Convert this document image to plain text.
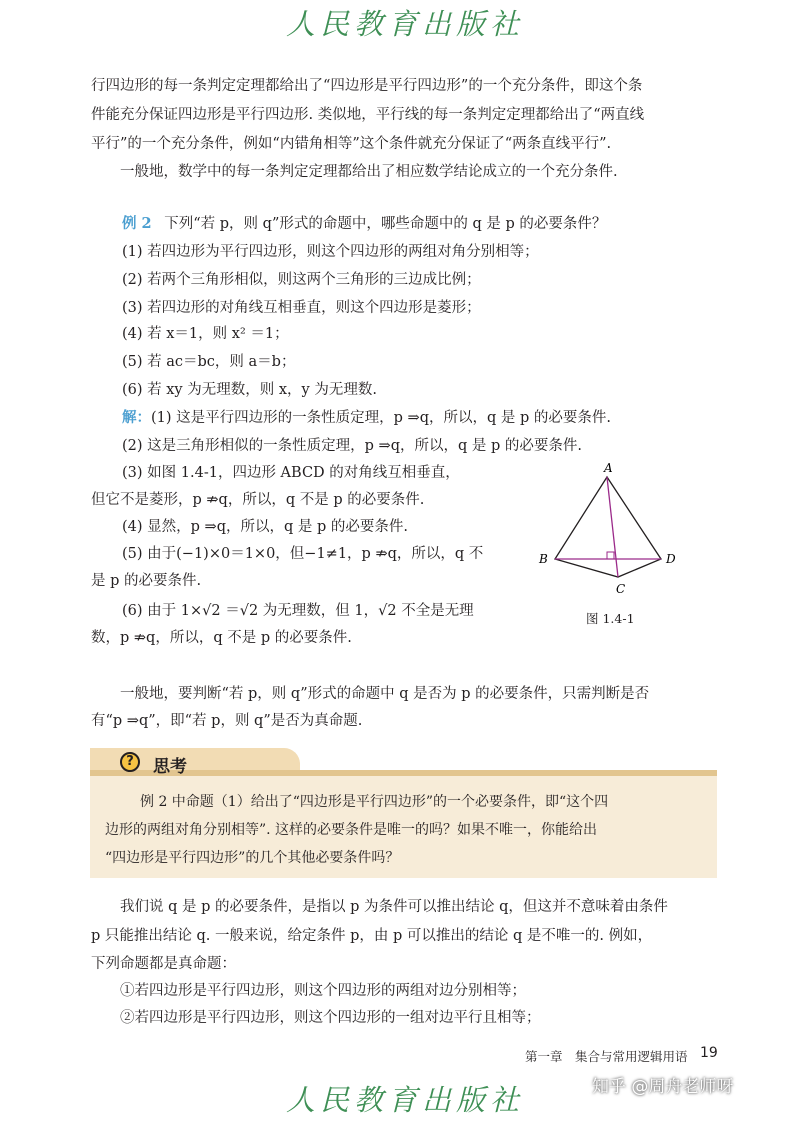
人民教育出版社
行四边形的每一条判定定理都给出了“四边形是平行四边形”的一个充分条件，即这个条
件能充分保证四边形是平行四边形. 类似地，平行线的每一条判定定理都给出了“两直线
平行”的一个充分条件，例如“内错角相等”这个条件就充分保证了“两条直线平行”.
一般地，数学中的每一条判定定理都给出了相应数学结论成立的一个充分条件.
例 2 下列“若 p，则 q”形式的命题中，哪些命题中的 q 是 p 的必要条件？
(1) 若四边形为平行四边形，则这个四边形的两组对角分别相等；
(2) 若两个三角形相似，则这两个三角形的三边成比例；
(3) 若四边形的对角线互相垂直，则这个四边形是菱形；
(4) 若 x＝1，则 x² ＝1；
(5) 若 ac＝bc，则 a＝b；
(6) 若 xy 为无理数，则 x，y 为无理数.
解：(1) 这是平行四边形的一条性质定理，p ⇒q，所以，q 是 p 的必要条件.
(2) 这是三角形相似的一条性质定理，p ⇒q，所以，q 是 p 的必要条件.
(3) 如图 1.4-1，四边形 ABCD 的对角线互相垂直，
但它不是菱形，p ⇏q，所以，q 不是 p 的必要条件.
(4) 显然，p ⇒q，所以，q 是 p 的必要条件.
(5) 由于(−1)×0＝1×0，但−1≠1，p ⇏q，所以，q 不
是 p 的必要条件.
(6) 由于 1×√2 ＝√2 为无理数，但 1，√2 不全是无理
数，p ⇏q，所以，q 不是 p 的必要条件.
A
B
C
D
图 1.4-1
一般地，要判断“若 p，则 q”形式的命题中 q 是否为 p 的必要条件，只需判断是否
有“p ⇒q”，即“若 p，则 q”是否为真命题.
?	思考
例 2 中命题（1）给出了“四边形是平行四边形”的一个必要条件，即“这个四
边形的两组对角分别相等”. 这样的必要条件是唯一的吗？如果不唯一，你能给出
“四边形是平行四边形”的几个其他必要条件吗？
我们说 q 是 p 的必要条件，是指以 p 为条件可以推出结论 q，但这并不意味着由条件
p 只能推出结论 q. 一般来说，给定条件 p，由 p 可以推出的结论 q 是不唯一的. 例如，
下列命题都是真命题：
①若四边形是平行四边形，则这个四边形的两组对边分别相等；
②若四边形是平行四边形，则这个四边形的一组对边平行且相等；
第一章　集合与常用逻辑用语 19
人民教育出版社	知乎 @周舟老师呀
